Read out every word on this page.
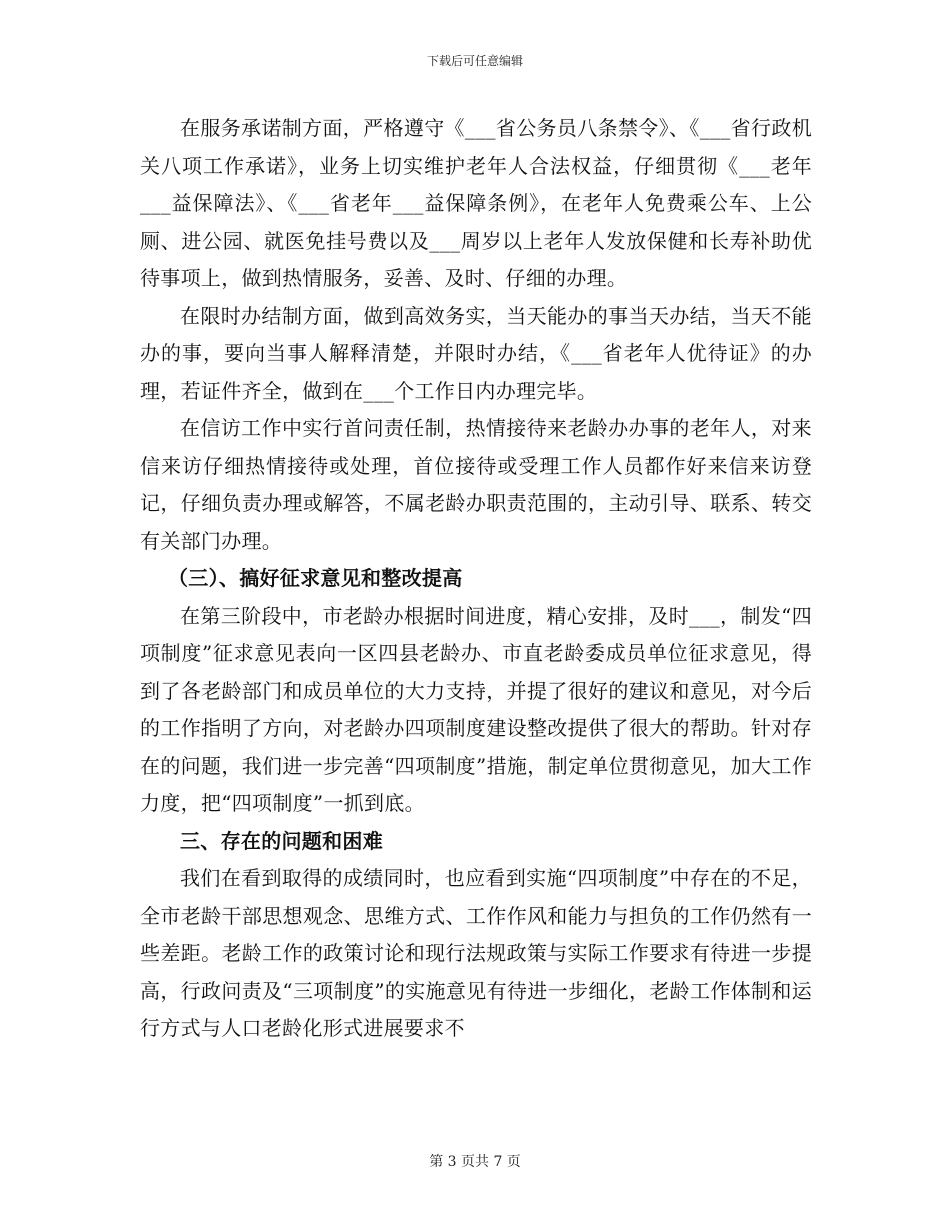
下载后可任意编辑

在服务承诺制方面，严格遵守《___省公务员八条禁令》、《___省行政机关八项工作承诺》，业务上切实维护老年人合法权益，仔细贯彻《___老年___益保障法》、《___省老年___益保障条例》，在老年人免费乘公车、上公厕、进公园、就医免挂号费以及___周岁以上老年人发放保健和长寿补助优待事项上，做到热情服务，妥善、及时、仔细的办理。

在限时办结制方面，做到高效务实，当天能办的事当天办结，当天不能办的事，要向当事人解释清楚，并限时办结，《___省老年人优待证》的办理，若证件齐全，做到在___个工作日内办理完毕。

在信访工作中实行首问责任制，热情接待来老龄办办事的老年人，对来信来访仔细热情接待或处理，首位接待或受理工作人员都作好来信来访登记，仔细负责办理或解答，不属老龄办职责范围的，主动引导、联系、转交有关部门办理。

（三）、搞好征求意见和整改提高

在第三阶段中，市老龄办根据时间进度，精心安排，及时___，制发“四项制度”征求意见表向一区四县老龄办、市直老龄委成员单位征求意见，得到了各老龄部门和成员单位的大力支持，并提了很好的建议和意见，对今后的工作指明了方向，对老龄办四项制度建设整改提供了很大的帮助。针对存在的问题，我们进一步完善“四项制度”措施，制定单位贯彻意见，加大工作力度，把“四项制度”一抓到底。

三、存在的问题和困难

我们在看到取得的成绩同时，也应看到实施“四项制度”中存在的不足，全市老龄干部思想观念、思维方式、工作作风和能力与担负的工作仍然有一些差距。老龄工作的政策讨论和现行法规政策与实际工作要求有待进一步提高，行政问责及“三项制度”的实施意见有待进一步细化，老龄工作体制和运行方式与人口老龄化形式进展要求不

第 3 页共 7 页
